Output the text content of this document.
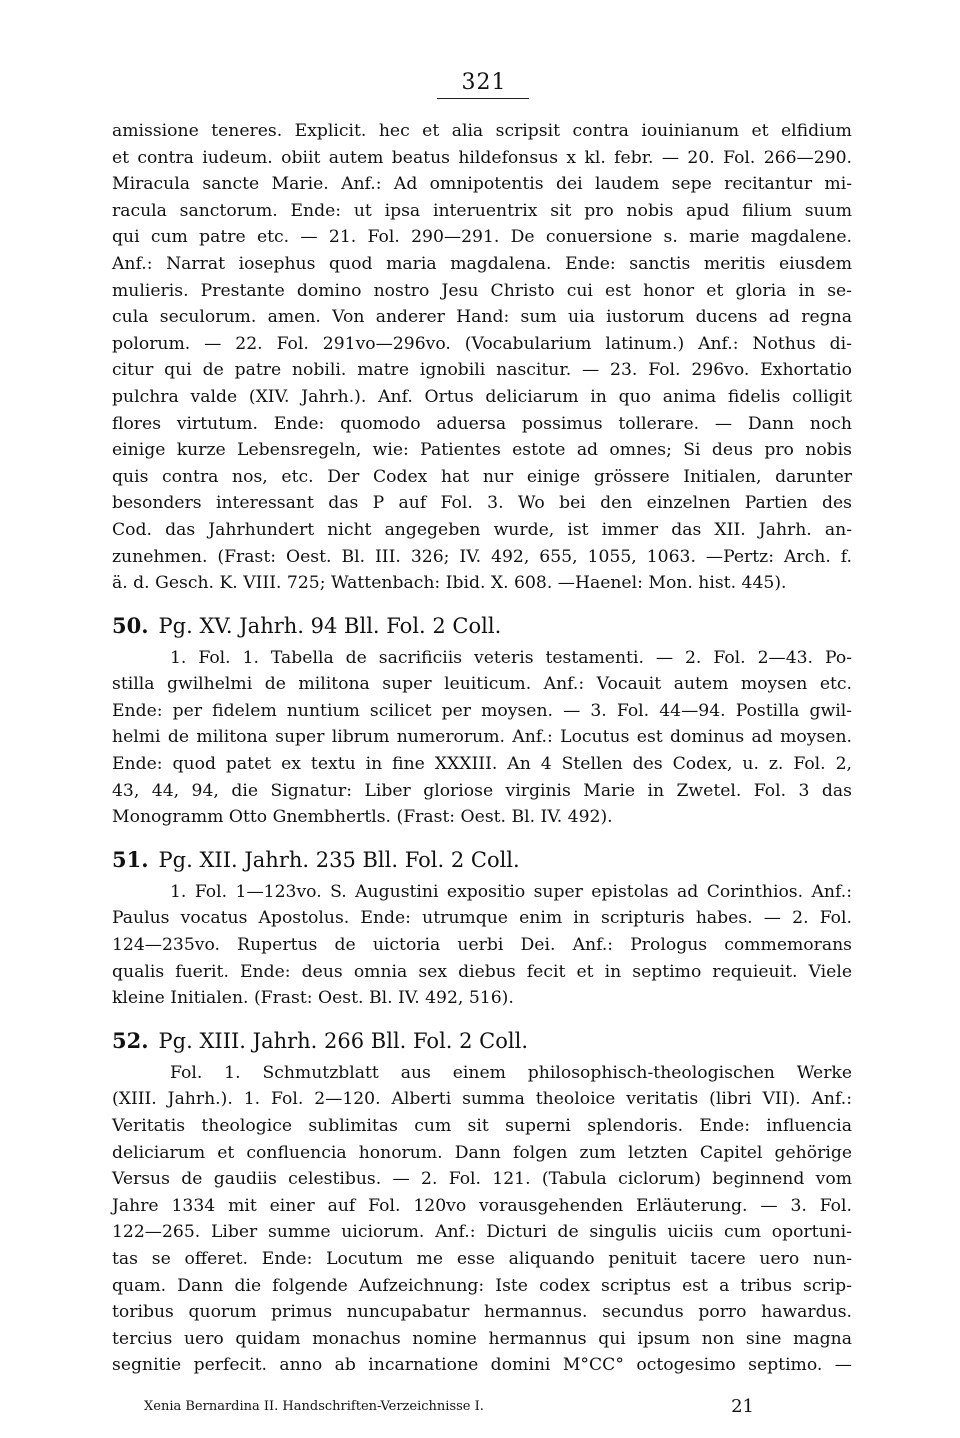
321
amissione teneres. Explicit. hec et alia scripsit contra iouinianum et elfidium
et contra iudeum. obiit autem beatus hildefonsus x kl. febr. — 20. Fol. 266—290.
Miracula sancte Marie. Anf.: Ad omnipotentis dei laudem sepe recitantur mi-
racula sanctorum. Ende: ut ipsa interuentrix sit pro nobis apud filium suum
qui cum patre etc. — 21. Fol. 290—291. De conuersione s. marie magdalene.
Anf.: Narrat iosephus quod maria magdalena. Ende: sanctis meritis eiusdem
mulieris. Prestante domino nostro Jesu Christo cui est honor et gloria in se-
cula seculorum. amen. Von anderer Hand: sum uia iustorum ducens ad regna
polorum. — 22. Fol. 291vo—296vo. (Vocabularium latinum.) Anf.: Nothus di-
citur qui de patre nobili. matre ignobili nascitur. — 23. Fol. 296vo. Exhortatio
pulchra valde (XIV. Jahrh.). Anf. Ortus deliciarum in quo anima fidelis colligit
flores virtutum. Ende: quomodo aduersa possimus tollerare. — Dann noch
einige kurze Lebensregeln, wie: Patientes estote ad omnes; Si deus pro nobis
quis contra nos, etc. Der Codex hat nur einige grössere Initialen, darunter
besonders interessant das P auf Fol. 3. Wo bei den einzelnen Partien des
Cod. das Jahrhundert nicht angegeben wurde, ist immer das XII. Jahrh. an-
zunehmen. (Frast: Oest. Bl. III. 326; IV. 492, 655, 1055, 1063. —Pertz: Arch. f.
ä. d. Gesch. K. VIII. 725; Wattenbach: Ibid. X. 608. —Haenel: Mon. hist. 445).
50. Pg. XV. Jahrh. 94 Bll. Fol. 2 Coll.
1. Fol. 1. Tabella de sacrificiis veteris testamenti. — 2. Fol. 2—43. Po-
stilla gwilhelmi de militona super leuiticum. Anf.: Vocauit autem moysen etc.
Ende: per fidelem nuntium scilicet per moysen. — 3. Fol. 44—94. Postilla gwil-
helmi de militona super librum numerorum. Anf.: Locutus est dominus ad moysen.
Ende: quod patet ex textu in fine XXXIII. An 4 Stellen des Codex, u. z. Fol. 2,
43, 44, 94, die Signatur: Liber gloriose virginis Marie in Zwetel. Fol. 3 das
Monogramm Otto Gnembhertls. (Frast: Oest. Bl. IV. 492).
51. Pg. XII. Jahrh. 235 Bll. Fol. 2 Coll.
1. Fol. 1—123vo. S. Augustini expositio super epistolas ad Corinthios. Anf.:
Paulus vocatus Apostolus. Ende: utrumque enim in scripturis habes. — 2. Fol.
124—235vo. Rupertus de uictoria uerbi Dei. Anf.: Prologus commemorans
qualis fuerit. Ende: deus omnia sex diebus fecit et in septimo requieuit. Viele
kleine Initialen. (Frast: Oest. Bl. IV. 492, 516).
52. Pg. XIII. Jahrh. 266 Bll. Fol. 2 Coll.
Fol. 1. Schmutzblatt aus einem philosophisch-theologischen Werke
(XIII. Jahrh.). 1. Fol. 2—120. Alberti summa theoloice veritatis (libri VII). Anf.:
Veritatis theologice sublimitas cum sit superni splendoris. Ende: influencia
deliciarum et confluencia honorum. Dann folgen zum letzten Capitel gehörige
Versus de gaudiis celestibus. — 2. Fol. 121. (Tabula ciclorum) beginnend vom
Jahre 1334 mit einer auf Fol. 120vo vorausgehenden Erläuterung. — 3. Fol.
122—265. Liber summe uiciorum. Anf.: Dicturi de singulis uiciis cum oportuni-
tas se offeret. Ende: Locutum me esse aliquando penituit tacere uero nun-
quam. Dann die folgende Aufzeichnung: Iste codex scriptus est a tribus scrip-
toribus quorum primus nuncupabatur hermannus. secundus porro hawardus.
tercius uero quidam monachus nomine hermannus qui ipsum non sine magna
segnitie perfecit. anno ab incarnatione domini M°CC° octogesimo septimo. —
Xenia Bernardina II. Handschriften-Verzeichnisse I.	21
